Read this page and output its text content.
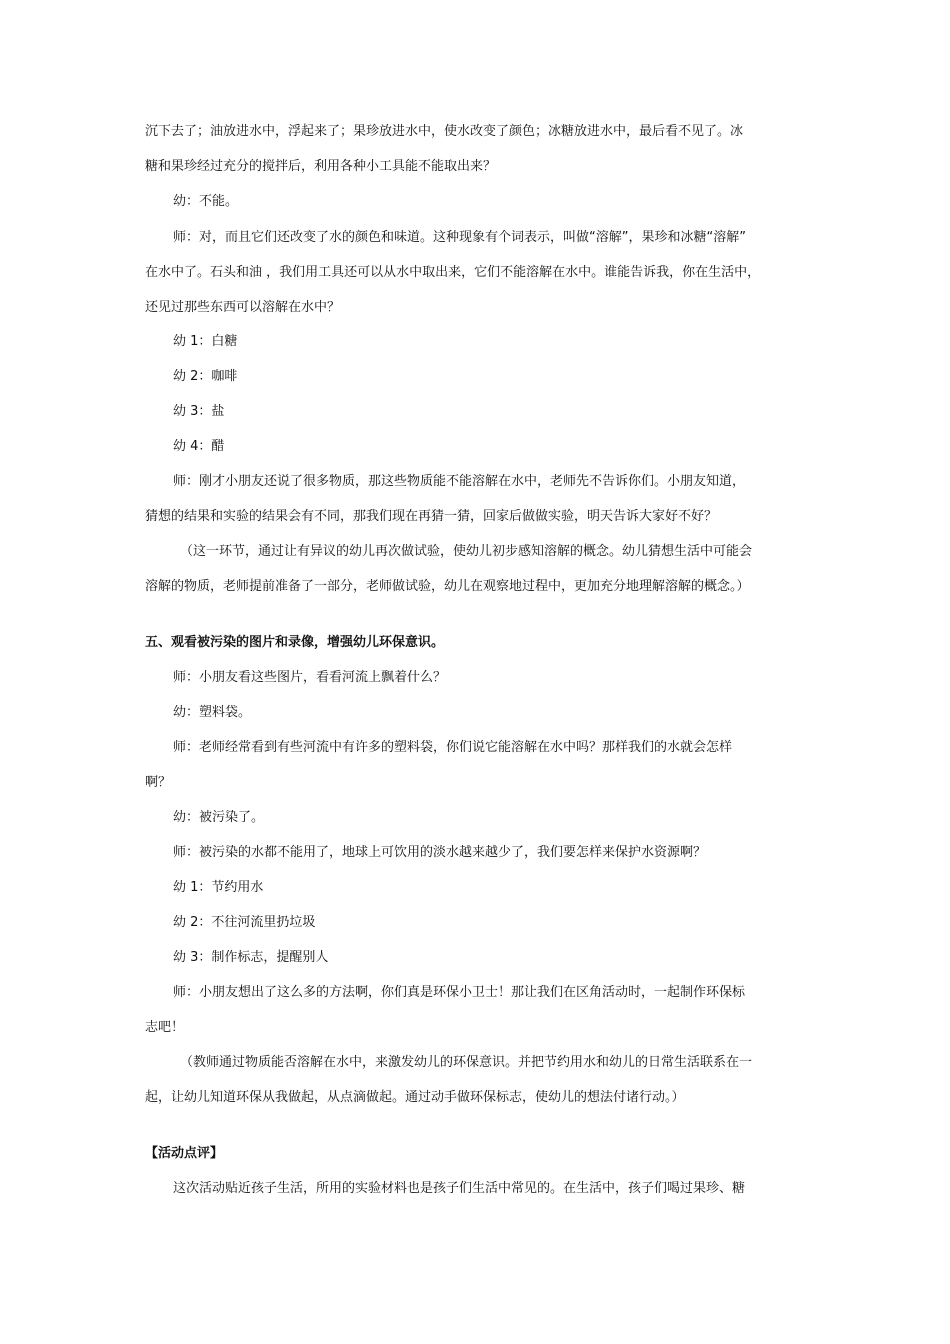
沉下去了；油放进水中，浮起来了；果珍放进水中，使水改变了颜色；冰糖放进水中，最后看不见了。冰
糖和果珍经过充分的搅拌后，利用各种小工具能不能取出来？
幼：不能。
师：对，而且它们还改变了水的颜色和味道。这种现象有个词表示，叫做“溶解”，果珍和冰糖“溶解”
在水中了。石头和油 ，我们用工具还可以从水中取出来，它们不能溶解在水中。谁能告诉我，你在生活中，
还见过那些东西可以溶解在水中？
幼 1：白糖
幼 2：咖啡
幼 3：盐
幼 4：醋
师：刚才小朋友还说了很多物质，那这些物质能不能溶解在水中，老师先不告诉你们。小朋友知道，
猜想的结果和实验的结果会有不同，那我们现在再猜一猜，回家后做做实验，明天告诉大家好不好？
（这一环节，通过让有异议的幼儿再次做试验，使幼儿初步感知溶解的概念。幼儿猜想生活中可能会
溶解的物质，老师提前准备了一部分，老师做试验，幼儿在观察地过程中，更加充分地理解溶解的概念。）
五、观看被污染的图片和录像，增强幼儿环保意识。
师：小朋友看这些图片，看看河流上飘着什么？
幼：塑料袋。
师：老师经常看到有些河流中有许多的塑料袋，你们说它能溶解在水中吗？那样我们的水就会怎样
啊？
幼：被污染了。
师：被污染的水都不能用了，地球上可饮用的淡水越来越少了，我们要怎样来保护水资源啊？
幼 1：节约用水
幼 2：不往河流里扔垃圾
幼 3：制作标志，提醒别人
师：小朋友想出了这么多的方法啊，你们真是环保小卫士！那让我们在区角活动时，一起制作环保标
志吧！
（教师通过物质能否溶解在水中，来激发幼儿的环保意识。并把节约用水和幼儿的日常生活联系在一
起，让幼儿知道环保从我做起，从点滴做起。通过动手做环保标志，使幼儿的想法付诸行动。）
【活动点评】
这次活动贴近孩子生活，所用的实验材料也是孩子们生活中常见的。在生活中，孩子们喝过果珍、糖
